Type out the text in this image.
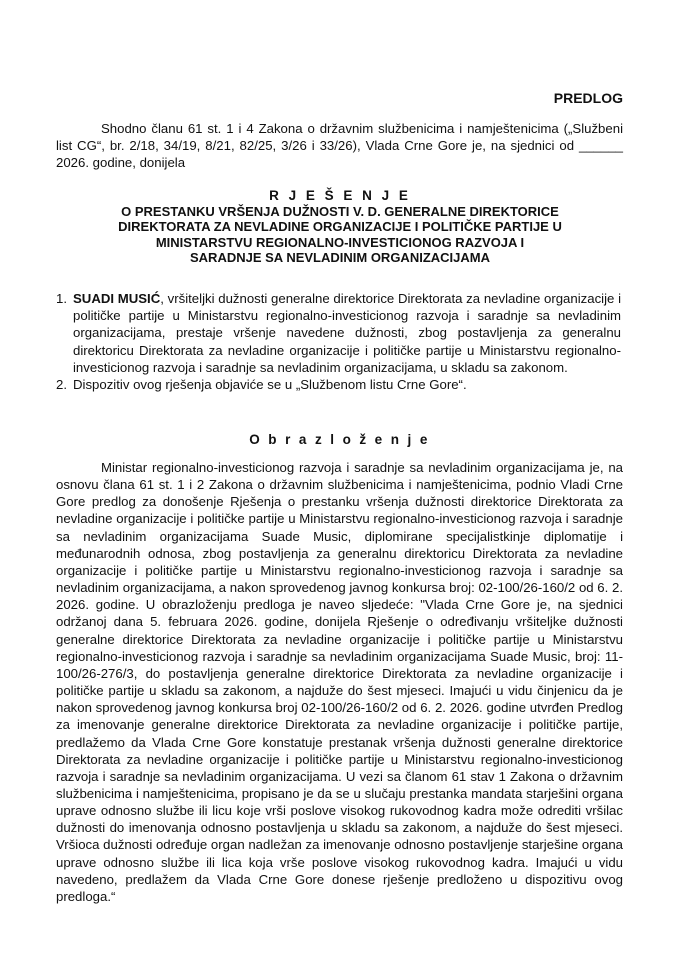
PREDLOG

Shodno članu 61 st. 1 i 4 Zakona o državnim službenicima i namještenicima („Službeni list CG“, br. 2/18, 34/19, 8/21, 82/25, 3/26 i 33/26), Vlada Crne Gore je, na sjednici od ______ 2026. godine, donijela

R J E Š E N J E
O PRESTANKU VRŠENJA DUŽNOSTI V. D. GENERALNE DIREKTORICE
DIREKTORATA ZA NEVLADINE ORGANIZACIJE I POLITIČKE PARTIJE U
MINISTARSTVU REGIONALNO-INVESTICIONOG RAZVOJA I
SARADNJE SA NEVLADINIM ORGANIZACIJAMA
1. SUADI MUSIĆ, vršiteljki dužnosti generalne direktorice Direktorata za nevladine organizacije i političke partije u Ministarstvu regionalno-investicionog razvoja i saradnje sa nevladinim organizacijama, prestaje vršenje navedene dužnosti, zbog postavljenja za generalnu direktoricu Direktorata za nevladine organizacije i političke partije u Ministarstvu regionalno-investicionog razvoja i saradnje sa nevladinim organizacijama, u skladu sa zakonom.
2. Dispozitiv ovog rješenja objaviće se u „Službenom listu Crne Gore“.
O b r a z l o ž e n j e

Ministar regionalno-investicionog razvoja i saradnje sa nevladinim organizacijama je, na osnovu člana 61 st. 1 i 2 Zakona o državnim službenicima i namještenicima, podnio Vladi Crne Gore predlog za donošenje Rješenja o prestanku vršenja dužnosti direktorice Direktorata za nevladine organizacije i političke partije u Ministarstvu regionalno-investicionog razvoja i saradnje sa nevladinim organizacijama Suade Music, diplomirane specijalistkinje diplomatije i međunarodnih odnosa, zbog postavljenja za generalnu direktoricu Direktorata za nevladine organizacije i političke partije u Ministarstvu regionalno-investicionog razvoja i saradnje sa nevladinim organizacijama, a nakon sprovedenog javnog konkursa broj: 02-100/26-160/2 od 6. 2. 2026. godine. U obrazloženju predloga je naveo sljedeće: "Vlada Crne Gore je, na sjednici održanoj dana 5. februara 2026. godine, donijela Rješenje o određivanju vršiteljke dužnosti generalne direktorice Direktorata za nevladine organizacije i političke partije u Ministarstvu regionalno-investicionog razvoja i saradnje sa nevladinim organizacijama Suade Music, broj: 11-100/26-276/3, do postavljenja generalne direktorice Direktorata za nevladine organizacije i političke partije u skladu sa zakonom, a najduže do šest mjeseci. Imajući u vidu činjenicu da je nakon sprovedenog javnog konkursa broj 02-100/26-160/2 od 6. 2. 2026. godine utvrđen Predlog za imenovanje generalne direktorice Direktorata za nevladine organizacije i političke partije, predlažemo da Vlada Crne Gore konstatuje prestanak vršenja dužnosti generalne direktorice Direktorata za nevladine organizacije i političke partije u Ministarstvu regionalno-investicionog razvoja i saradnje sa nevladinim organizacijama. U vezi sa članom 61 stav 1 Zakona o državnim službenicima i namještenicima, propisano je da se u slučaju prestanka mandata starješini organa uprave odnosno službe ili licu koje vrši poslove visokog rukovodnog kadra može odrediti vršilac dužnosti do imenovanja odnosno postavljenja u skladu sa zakonom, a najduže do šest mjeseci. Vršioca dužnosti određuje organ nadležan za imenovanje odnosno postavljenje starješine organa uprave odnosno službe ili lica koja vrše poslove visokog rukovodnog kadra. Imajući u vidu navedeno, predlažem da Vlada Crne Gore donese rješenje predloženo u dispozitivu ovog predloga.“
